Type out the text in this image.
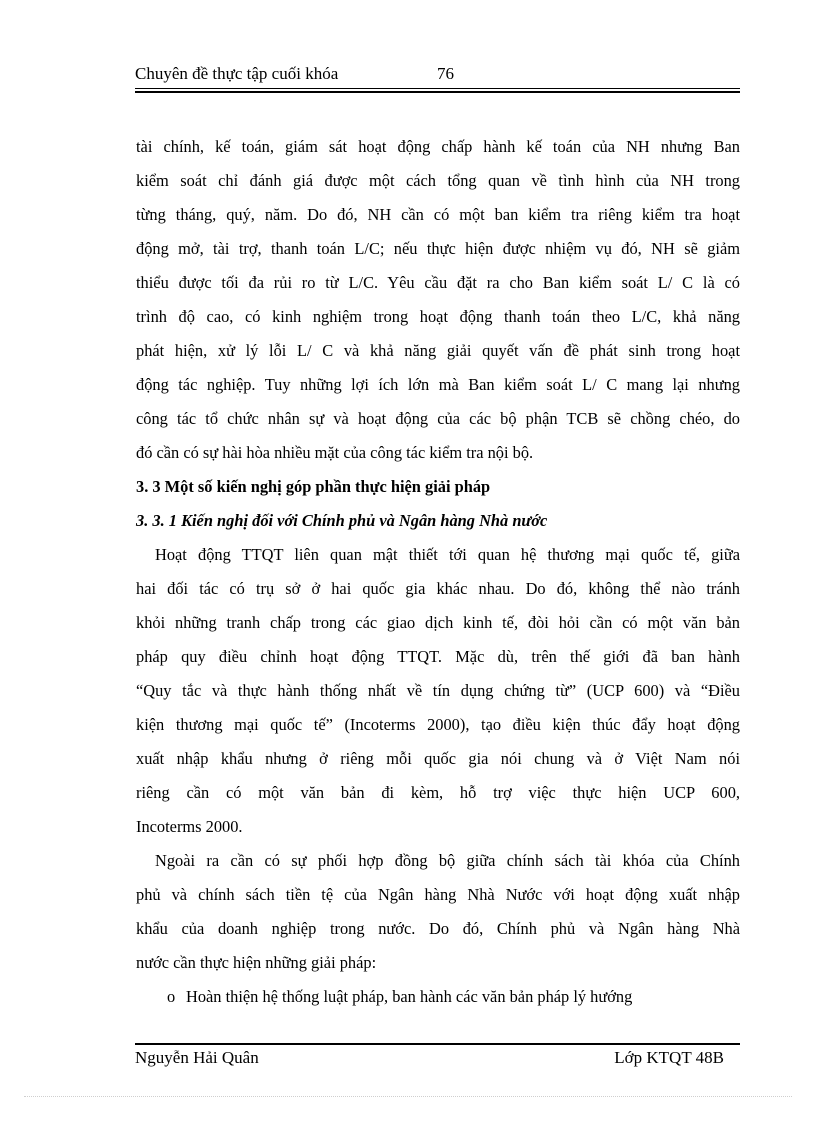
Chuyên đề thực tập cuối khóa	76
tài chính, kế toán, giám sát hoạt động chấp hành kế toán của NH nhưng Ban
kiểm soát chỉ đánh giá được một cách tổng quan về tình hình của NH trong
từng tháng, quý, năm. Do đó, NH cần có một ban kiểm tra riêng kiểm tra hoạt
động mở, tài trợ, thanh toán L/C; nếu thực hiện được nhiệm vụ đó, NH sẽ giảm
thiểu được tối đa rủi ro từ L/C. Yêu cầu đặt ra cho Ban kiểm soát L/ C là có
trình độ cao, có kinh nghiệm trong hoạt động thanh toán theo L/C, khả năng
phát hiện, xử lý lỗi L/ C và khả năng giải quyết vấn đề phát sinh trong hoạt
động tác nghiệp. Tuy những lợi ích lớn mà Ban kiểm soát L/ C mang lại nhưng
công tác tổ chức nhân sự và hoạt động của các bộ phận TCB sẽ chồng chéo, do
đó cần có sự hài hòa nhiều mặt của công tác kiểm tra nội bộ.
3. 3 Một số kiến nghị góp phần thực hiện giải pháp
3. 3. 1 Kiến nghị đối với Chính phủ và Ngân hàng Nhà nước
Hoạt động TTQT liên quan mật thiết tới quan hệ thương mại quốc tế, giữa
hai đối tác có trụ sở ở hai quốc gia khác nhau. Do đó, không thể nào tránh
khỏi những tranh chấp trong các giao dịch kinh tế, đòi hỏi cần có một văn bản
pháp quy điều chỉnh hoạt động TTQT. Mặc dù, trên thế giới đã ban hành
“Quy tắc và thực hành thống nhất về tín dụng chứng từ” (UCP 600) và “Điều
kiện thương mại quốc tế” (Incoterms 2000), tạo điều kiện thúc đẩy hoạt động
xuất nhập khẩu nhưng ở riêng mỗi quốc gia nói chung và ở Việt Nam nói
riêng cần có một văn bản đi kèm, hỗ trợ việc thực hiện UCP 600,
Incoterms 2000.
Ngoài ra cần có sự phối hợp đồng bộ giữa chính sách tài khóa của Chính
phủ và chính sách tiền tệ của Ngân hàng Nhà Nước với hoạt động xuất nhập
khẩu của doanh nghiệp trong nước. Do đó, Chính phủ và Ngân hàng Nhà
nước cần thực hiện những giải pháp:
o Hoàn thiện hệ thống luật pháp, ban hành các văn bản pháp lý hướng
Nguyễn Hải Quân	Lớp KTQT 48B
